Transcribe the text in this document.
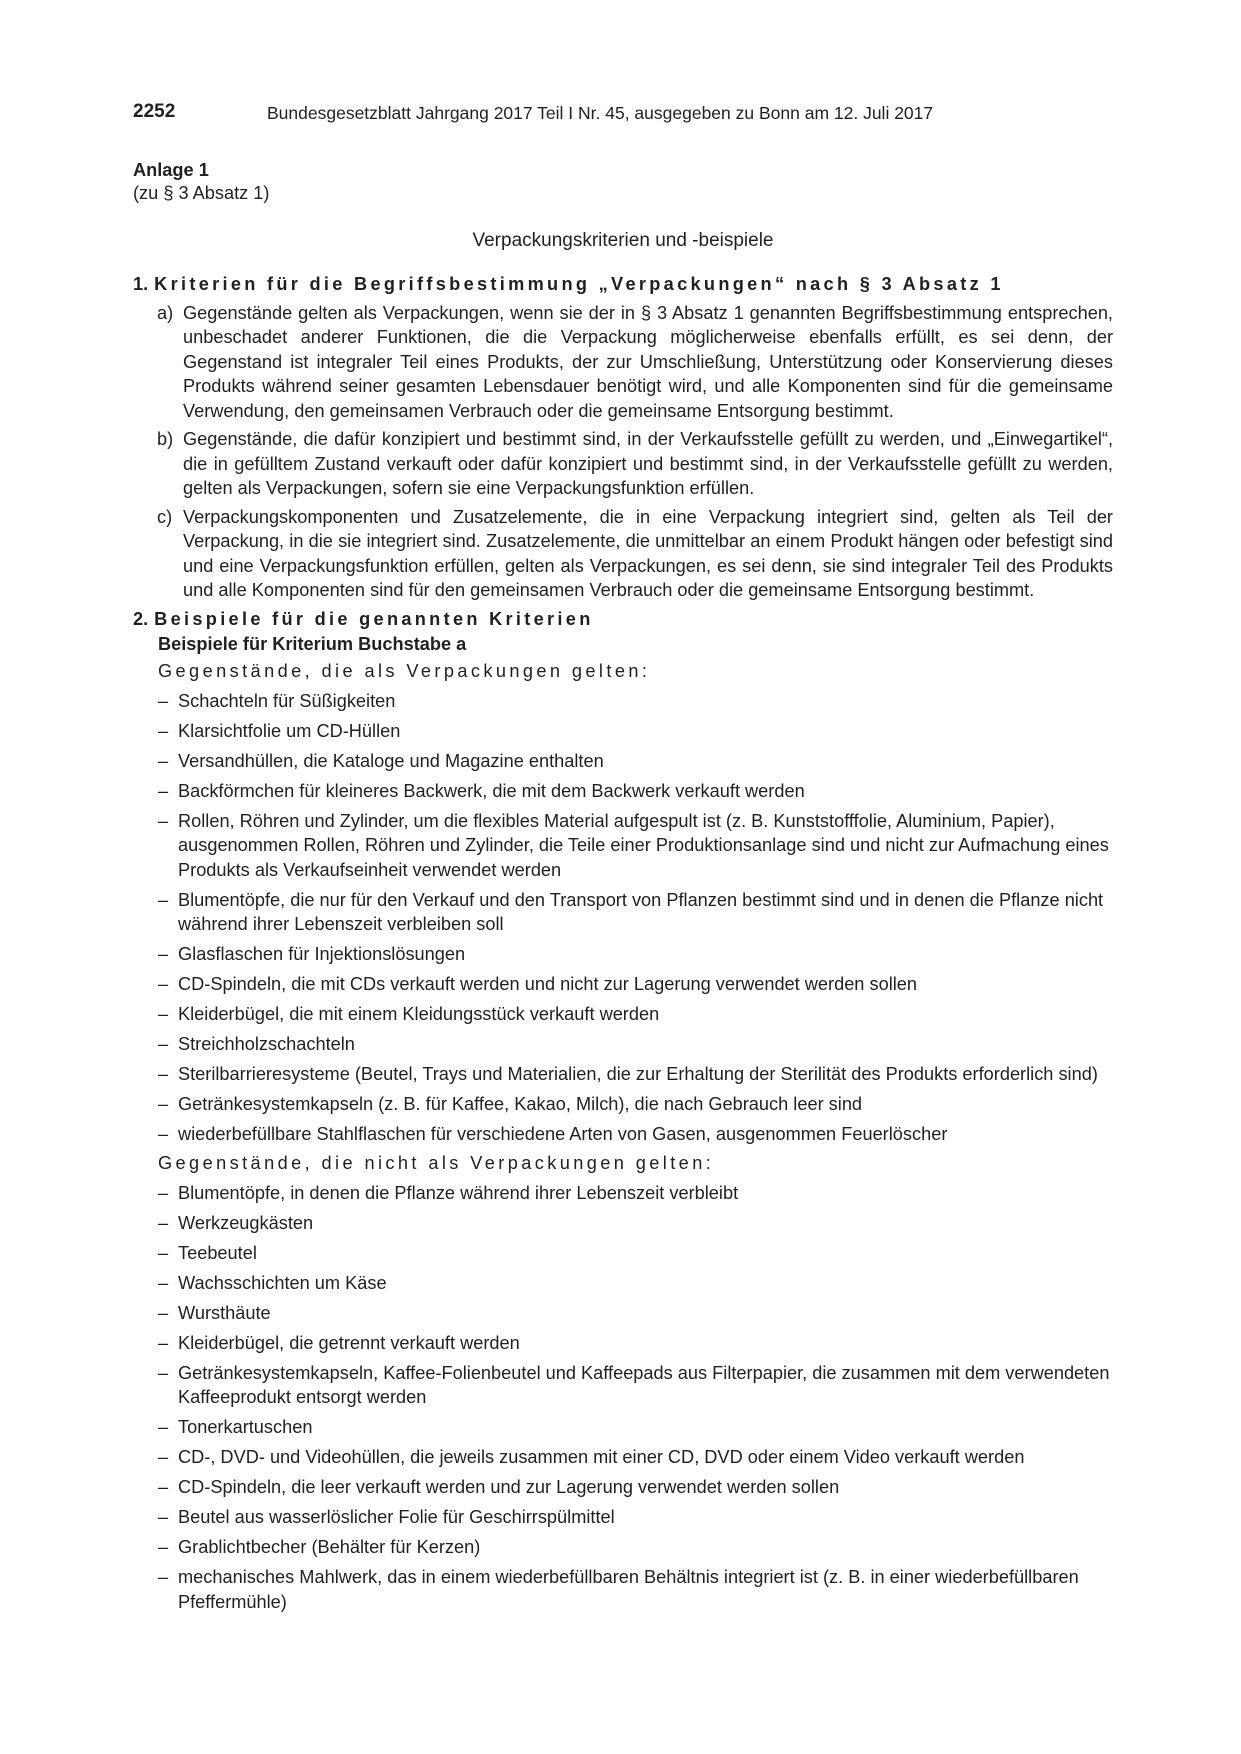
2252	Bundesgesetzblatt Jahrgang 2017 Teil I Nr. 45, ausgegeben zu Bonn am 12. Juli 2017
Anlage 1
(zu § 3 Absatz 1)
Verpackungskriterien und -beispiele
1. Kriterien für die Begriffsbestimmung „Verpackungen“ nach § 3 Absatz 1
a) Gegenstände gelten als Verpackungen, wenn sie der in § 3 Absatz 1 genannten Begriffsbestimmung entsprechen, unbeschadet anderer Funktionen, die die Verpackung möglicherweise ebenfalls erfüllt, es sei denn, der Gegenstand ist integraler Teil eines Produkts, der zur Umschließung, Unterstützung oder Konservierung dieses Produkts während seiner gesamten Lebensdauer benötigt wird, und alle Komponenten sind für die gemeinsame Verwendung, den gemeinsamen Verbrauch oder die gemeinsame Entsorgung bestimmt.
b) Gegenstände, die dafür konzipiert und bestimmt sind, in der Verkaufsstelle gefüllt zu werden, und „Einwegartikel“, die in gefülltem Zustand verkauft oder dafür konzipiert und bestimmt sind, in der Verkaufsstelle gefüllt zu werden, gelten als Verpackungen, sofern sie eine Verpackungsfunktion erfüllen.
c) Verpackungskomponenten und Zusatzelemente, die in eine Verpackung integriert sind, gelten als Teil der Verpackung, in die sie integriert sind. Zusatzelemente, die unmittelbar an einem Produkt hängen oder befestigt sind und eine Verpackungsfunktion erfüllen, gelten als Verpackungen, es sei denn, sie sind integraler Teil des Produkts und alle Komponenten sind für den gemeinsamen Verbrauch oder die gemeinsame Entsorgung bestimmt.
2. Beispiele für die genannten Kriterien
Beispiele für Kriterium Buchstabe a
Gegenstände, die als Verpackungen gelten:
– Schachteln für Süßigkeiten
– Klarsichtfolie um CD-Hüllen
– Versandhüllen, die Kataloge und Magazine enthalten
– Backförmchen für kleineres Backwerk, die mit dem Backwerk verkauft werden
– Rollen, Röhren und Zylinder, um die flexibles Material aufgespult ist (z. B. Kunststofffolie, Aluminium, Papier), ausgenommen Rollen, Röhren und Zylinder, die Teile einer Produktionsanlage sind und nicht zur Aufmachung eines Produkts als Verkaufseinheit verwendet werden
– Blumentöpfe, die nur für den Verkauf und den Transport von Pflanzen bestimmt sind und in denen die Pflanze nicht während ihrer Lebenszeit verbleiben soll
– Glasflaschen für Injektionslösungen
– CD-Spindeln, die mit CDs verkauft werden und nicht zur Lagerung verwendet werden sollen
– Kleiderbügel, die mit einem Kleidungsstück verkauft werden
– Streichholzschachteln
– Sterilbarrieresysteme (Beutel, Trays und Materialien, die zur Erhaltung der Sterilität des Produkts erforderlich sind)
– Getränkesystemkapseln (z. B. für Kaffee, Kakao, Milch), die nach Gebrauch leer sind
– wiederbefüllbare Stahlflaschen für verschiedene Arten von Gasen, ausgenommen Feuerlöscher
Gegenstände, die nicht als Verpackungen gelten:
– Blumentöpfe, in denen die Pflanze während ihrer Lebenszeit verbleibt
– Werkzeugkästen
– Teebeutel
– Wachsschichten um Käse
– Wursthäute
– Kleiderbügel, die getrennt verkauft werden
– Getränkesystemkapseln, Kaffee-Folienbeutel und Kaffeepads aus Filterpapier, die zusammen mit dem verwendeten Kaffeeprodukt entsorgt werden
– Tonerkartuschen
– CD-, DVD- und Videohüllen, die jeweils zusammen mit einer CD, DVD oder einem Video verkauft werden
– CD-Spindeln, die leer verkauft werden und zur Lagerung verwendet werden sollen
– Beutel aus wasserlöslicher Folie für Geschirrspülmittel
– Grablichtbecher (Behälter für Kerzen)
– mechanisches Mahlwerk, das in einem wiederbefüllbaren Behältnis integriert ist (z. B. in einer wiederbefüllbaren Pfeffermühle)
